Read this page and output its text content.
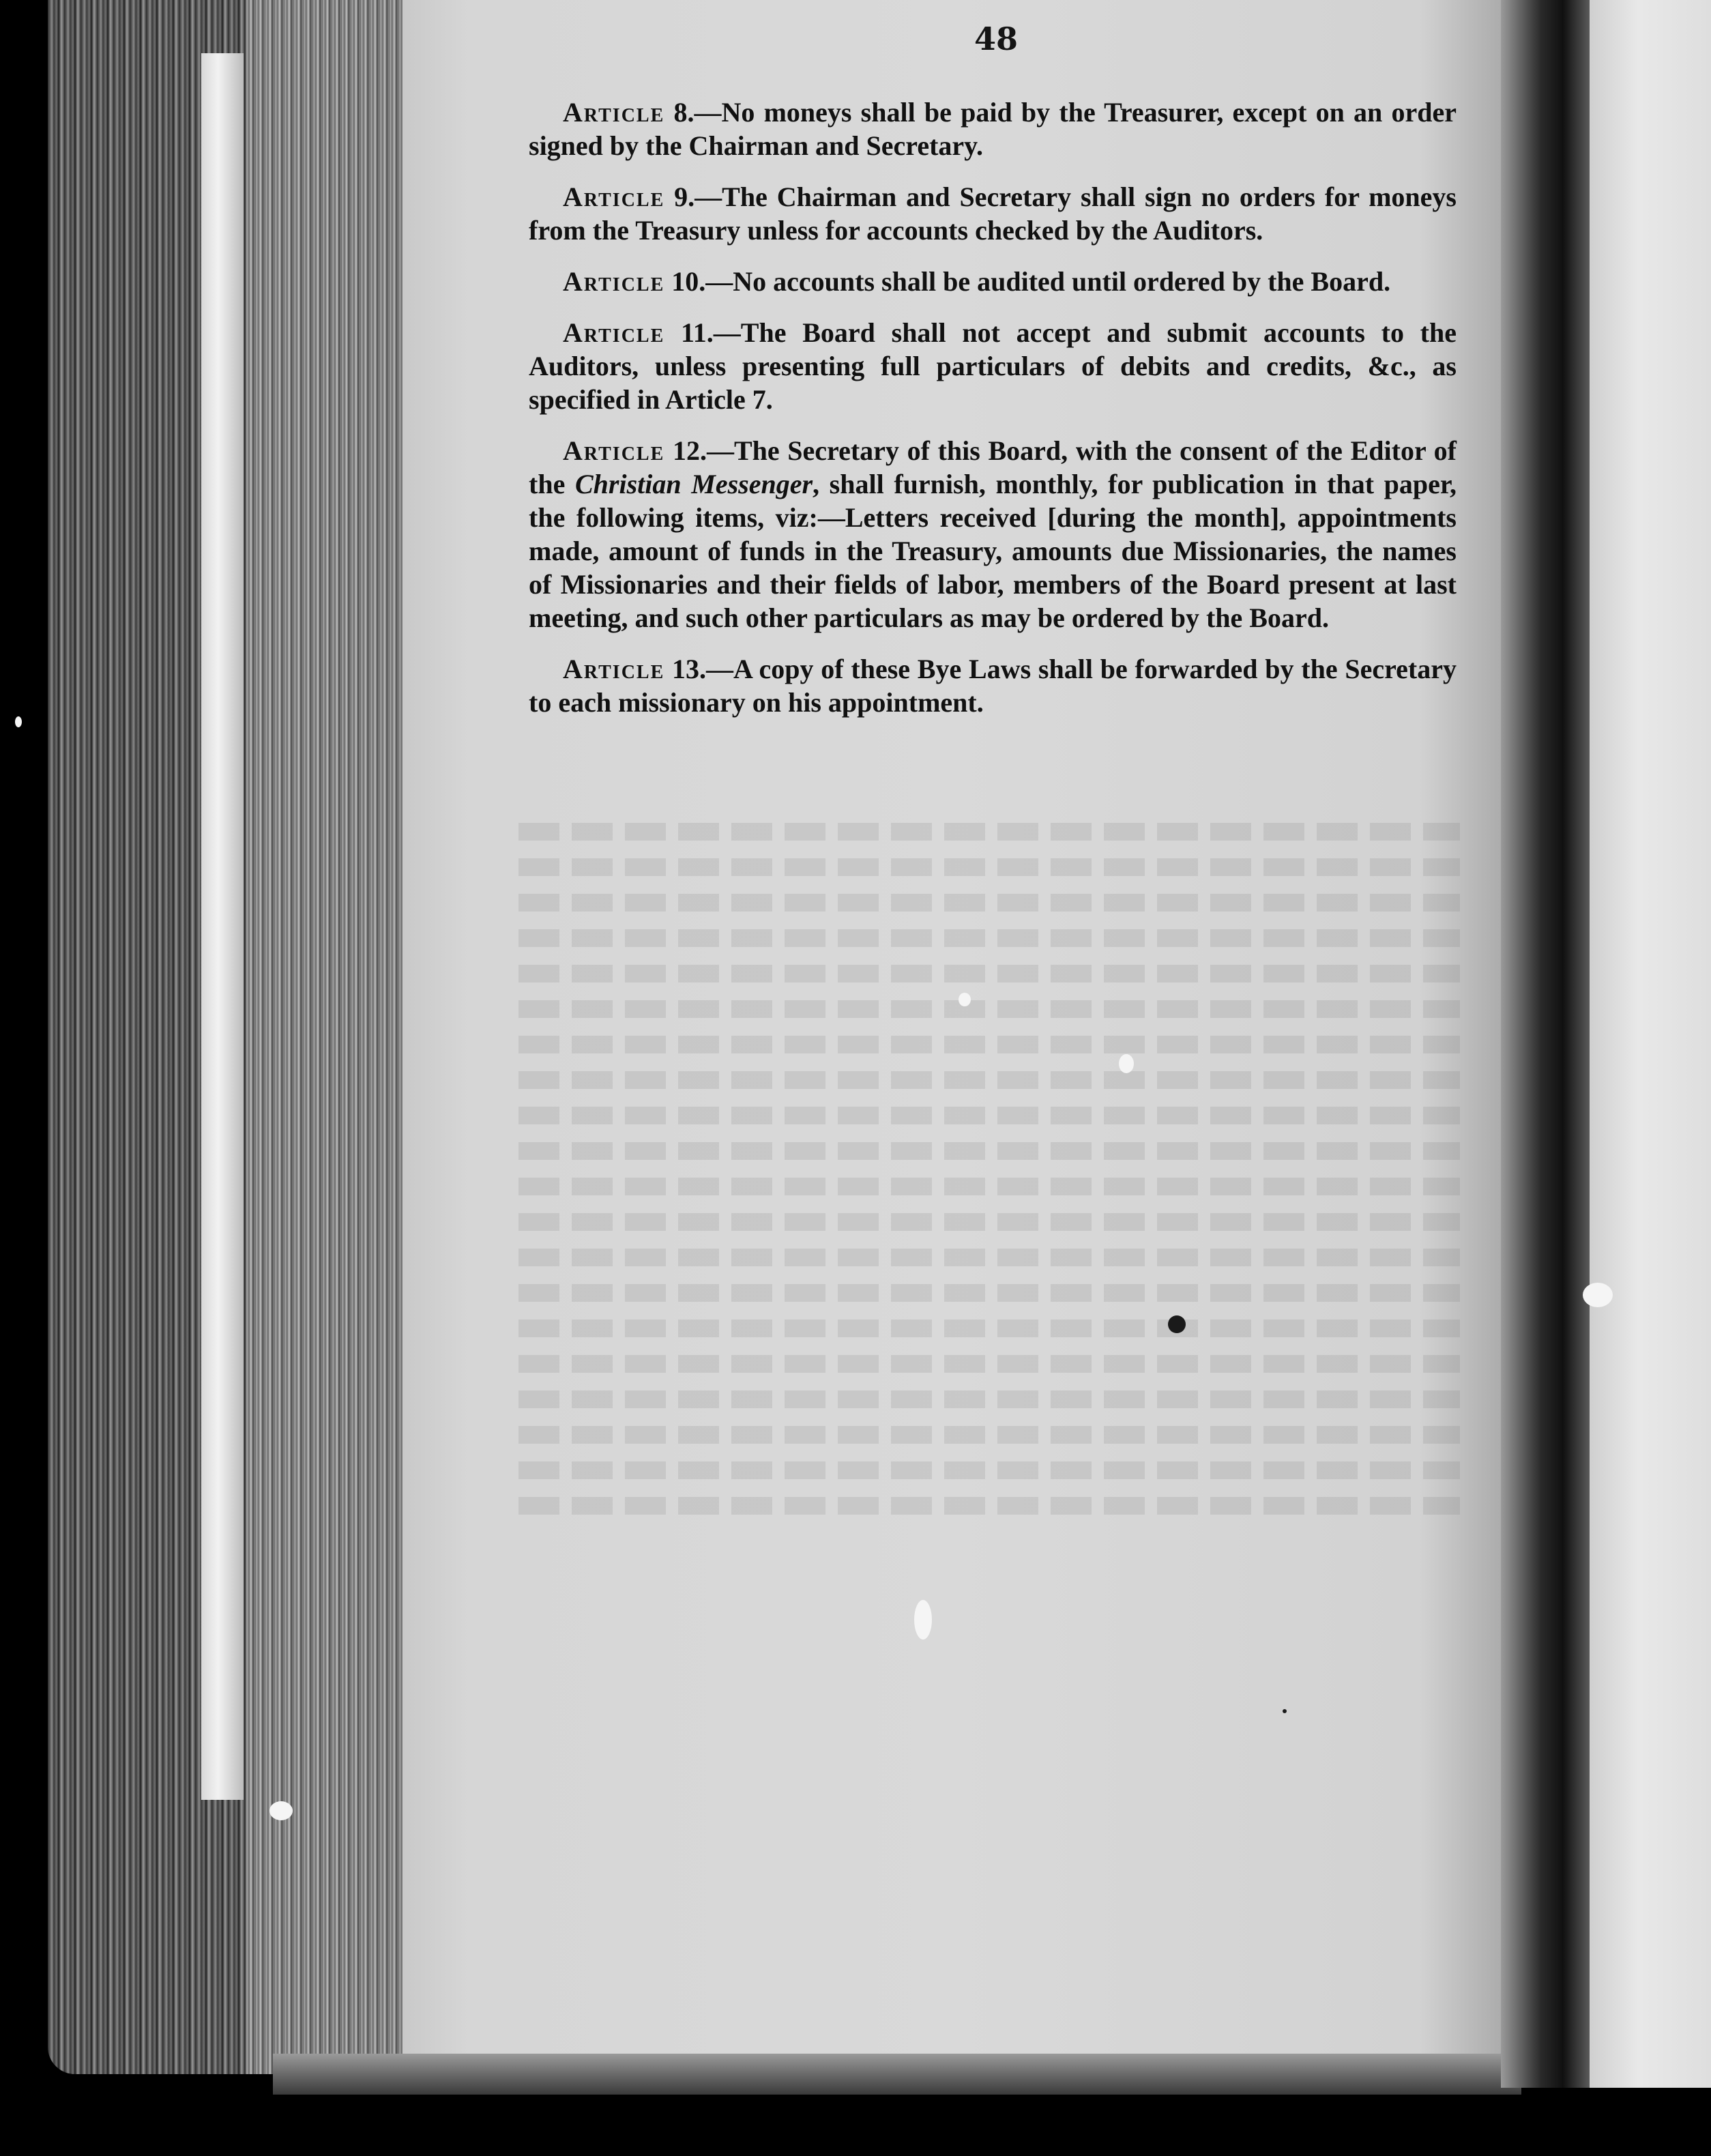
48

Article 8.—No moneys shall be paid by the Treasurer, except on an order signed by the Chairman and Secretary.

Article 9.—The Chairman and Secretary shall sign no orders for moneys from the Treasury unless for accounts checked by the Auditors.

Article 10.—No accounts shall be audited until ordered by the Board.

Article 11.—The Board shall not accept and submit accounts to the Auditors, unless presenting full particulars of debits and credits, &c., as specified in Article 7.

Article 12.—The Secretary of this Board, with the consent of the Editor of the Christian Messenger, shall furnish, monthly, for publication in that paper, the following items, viz:—Letters received [during the month], appointments made, amount of funds in the Treasury, amounts due Missionaries, the names of Missionaries and their fields of labor, members of the Board present at last meeting, and such other particulars as may be ordered by the Board.

Article 13.—A copy of these Bye Laws shall be forwarded by the Secretary to each missionary on his appointment.
